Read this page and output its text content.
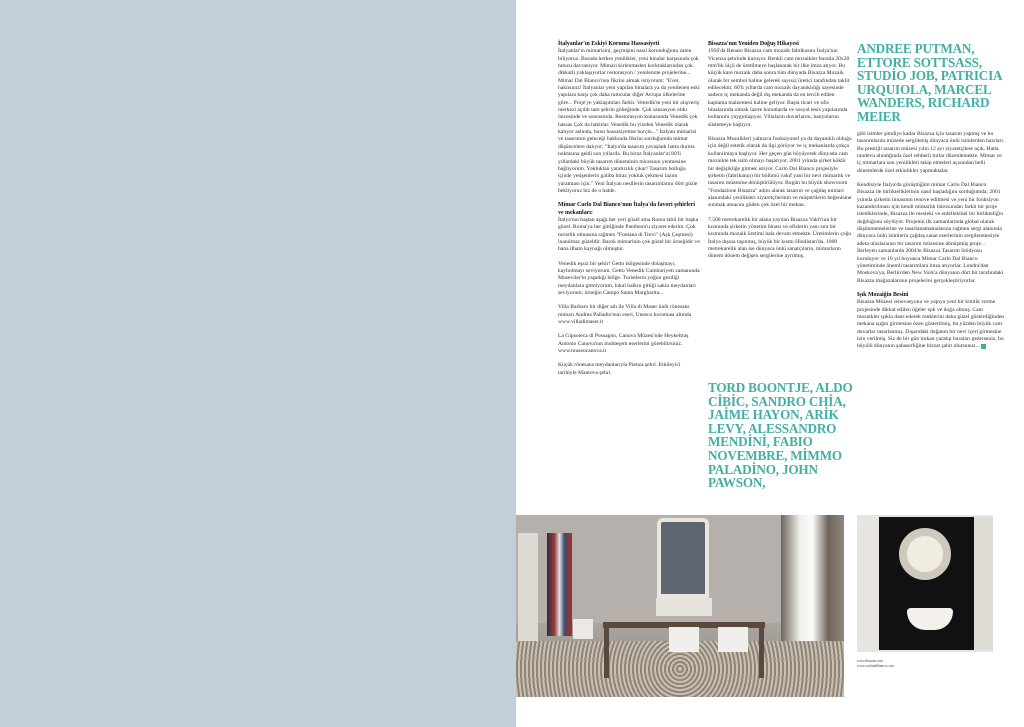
İtalyanlar'ın Eskiyi Koruma Hassasiyeti

İtalyanlar'ın mimarisini, geçmişini nasıl korunduğunu zaten biliyoruz. Burada herkes yenilikler, yeni binalar karşısında çok tutucu davranıyor. Mimari kirlenmeden korktuklarından çok dikkatli yaklaşıyorlar restorasyon / yenilenme projelerine... Mimar Dal Bianco'nun fikrini almak istiyorum: "Evet, haklısınız! İtalyanlar yeni yapılan binalara ya da yenilenen eski yapılara karşı çok daha tutucular diğer Avrupa ülkelerine göre... Proje'ye yaklaşımları farklı. Venedik'te yeni bir alışveriş merkezi açıldı tam şehrin göbeğinde. Çok sansasyon oldu öncesinde ve sonrasında. Restorasyon konusunda Venedik çok hassas Çok da haklılar. Venedik bu yüzden Venedik olarak kalıyor aslında, bunu hassasiyetine borçlu..." İtalyan mimarisi ve tasarımın geleceği hakkında fikrini sorduğumda mimar düşüncelere dalıyor; "İtalya'da tasarım yavaşladı hatta durma noktasına geldi son yıllarda. Bu biraz İtalyanlar'ın 80'li yıllardaki büyük tasarım döneminin mirasının yenmesine bağlıyorum. Yokluktan yaratıcılık çıkar! Tasarım bolluğu içinde yetişenlerin galiba biraz yokluk çekmesi lazım yaratması için." Yeni İtalyan nesillerin tasarımlarını dört gözle bekliyoruz biz de o halde.

Mimar Carlo Dal Bianco'nun İtalya'da favori şehirleri ve mekanları:

İtalya'nın baştan aşağı her yeri güzel ama Roma tabii bir başka güzel. Roma'ya her gittiğinde Pantheon'u ziyaret ederim. Çok turistlik olmasına rağmen "Fontana di Trevi" (Aşk Çeşmesi) inanılmaz güzeldir. Barok mimarinin çok güzel bir örneğidir ve bana ilham kaynağı olmuştur.

Venedik eşsiz bir şehir! Getto bölgesinde dolaşmayı, kaybolmayı seviyorum. Getto Venedik Cumhuriyeti zamanında Museviler'in yaşadığı bölge. Turistlerin yoğun gezdiği meydanlara gitmiyorum, lokal halkın gittiği sakin meydanları seviyorum; örneğin Campo Santa Margharita...

Villa Barbaro bir diğer adı ile Villa di Maser ünlü rönesans mimarı Andrea Palladio'nun eseri, Unesco koruması altında www.villadimaser.it

La Gipsoteca di Possagno, Canova Müzesi'nde Heykeltraş Antonio Canova'nın muhteşem eserlerini görebilirsiniz. www.museocanova.it

Küçük rönesans meydanlarıyla Pienza şehri. Etkileyici tarihiyle Mantova şehri.

Bisazza'nın Yeniden Doğuş Hikayesi

1956'da Renato Bisazza cam mozaik fabrikasını İtalya'nın Vicenza şehrinde kuruyor. Renkli cam mozaikler burada 20x20 mm'lik ölçü de üretilmeye başlanarak bir ilke imza atıyor. Bu küçük kare mozaik daha sonra tüm dünyada Bisazza Mozaik olarak bir sembol haline gelerek sayısız üretici tarafından taklit edilecektir. 60'lı yıllarda cam mozaik dayanıklılığı sayesinde sadece iç mekanda değil dış mekanda da en tercih edilen kaplama malzemesi haline geliyor. Başta ticari ve ofis binalarında olmak üzere konutlarda ve sosyal tesis yapılarında kullanımı yaygınlaşıyor. Villaların duvarlarını, banyolarını süslemeye başlıyor.

Bisazza Mozaikleri yalnızca fonksiyonel ya da dayanıklı olduğu için değil estetik olarak da ilgi görüyor ve iç mekanlarda çokça kullanılmaya başlıyor. Her geçen gün büyüyerek dünyada cam mozaikte tek isim olmayı başarıyor. 2001 yılında şirket köklü bir değişikliğe gitmek istiyor. Carlo Dal Bianco projesiyle şirketin (fabrikanın) bir bölümü vakıf yani bir nevi mimarlık ve tasarım müzesine dönüştürülüyor. Bugün bu büyük showroom "Fondazione Bisazza" adını alarak tasarım ve çağdaş mimari alanındaki yenilikleri ziyaretçilerinin ve müşterilerin beğenisine sunmak amacını güden çok özel bir mekan.

7.500 metrekarelik bir alana yayılan Bisazza Vakfı'nın bir kısmında şirketin yönetim binası ve ofislerin yanı sıra bir kısmında mozaik üretimi hala devam etmekte. Üretimlerin çoğu İtalya dışına taşınmış, büyük bir kısmı Hindistan'da. 1000 metrekarelik alan ise dünyaca ünlü sanatçıların, mimarların dönem dönem değişen sergilerine ayrılmış.

TORD BOONTJE, ALDO CİBİC, SANDRO CHİA, JAİME HAYON, ARİK LEVY, ALESSANDRO MENDİNİ, FABIO NOVEMBRE, MİMMO PALADİNO, JOHN PAWSON,
ANDREE PUTMAN, ETTORE SOTTSASS, STUDİO JOB, PATRICIA URQUIOLA, MARCEL WANDERS, RICHARD MEIER

gibi isimler şimdiye kadar Bisazza için tasarım yapmış ve bu tasarımlarını müzede sergilemiş dünyaca ünlü isimlerden bazıları. Bu prestijli tasarım müzesi yılın 12 ayı ziyaretçilere açık. Hatta randevu alındığında özel rehberli turlar düzenlemekte. Mimar ve iç mimarlara son yenilikleri takip etmeleri açısından belli dönemlerde özel etkinlikler yapmaktalar.

Kendisiyle İtalya'da görüştüğüm mimar Carlo Dal Bianco Bisazza ile birlikteliklerinin nasıl başladığını sorduğumda; 2001 yılında şirketin binasının renove edilmesi ve yeni bir fonksiyon kazandırılması için kendi mimarlık bürosundan farklı bir proje istediklerinde, Bisazza ile mesleki ve entellektüel bir birlikteliğin doğduğunu söylüyor. Projenin ilk zamanlarında global olarak düşünmemelerine ve tasarlanamamalarına rağmen sergi alanında dünyaca ünlü isimlerin çağdaş sanat eserlerinin sergilenmesiyle adeta uluslararası bir tasarım müzesine dönüşmüş proje... İlerleyen zamanlarda 2004'te Bisazza Tasarım Stüdyosu kuruluyor ve 10 yıl boyunca Mimar Carlo Dal Bianco yönetiminde önemli tasarımlara imza atıyorlar. Londra'dan Moskova'ya, Berlin'den New York'a dünyanın dört bir tarafındaki Bisazza mağazalarının projelerini gerçekleştiriyorlar.

Işık Mozaiğin Besini

Bisazza Müzesi renovasyonu ve yapıya yeni bir kimlik verme projesinde dikkat edilen öğeler ışık ve doğa olmuş. Cam mozaikler ışıkla dans ederek renklerini daha güzel gösterdiğinden mekana ışığın girmesine özen gösterilmiş, bu yüzden büyük cam duvarlar tasarlanmış. Dışarıdaki doğanın bir nevi içeri girmesine izin verilmiş. Siz de bir gün imkan yaratıp buraları gezerseniz, bu büyülü dünyanın şahaserliğine bizzat şahit olursunuz...

www.bisazza.com
www.carlodalbianco.com
